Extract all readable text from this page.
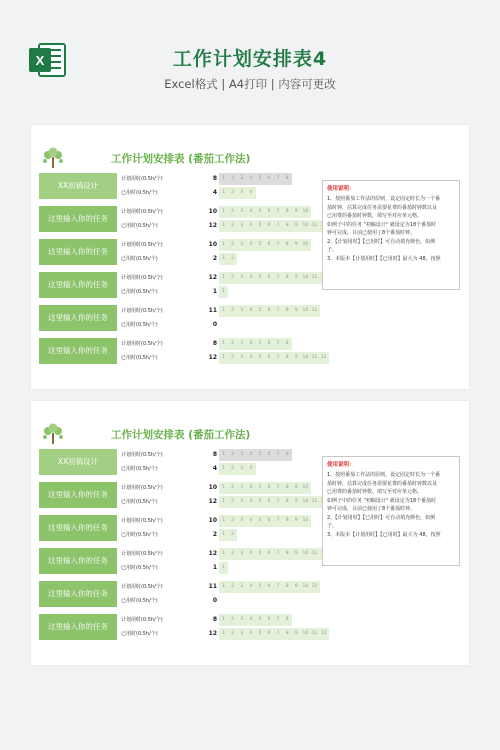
X	工作计划安排表4
Excel格式 | A4打印 | 内容可更改
工作计划安排表 (番茄工作法)
XX初稿设计
计划用时(0.5h/个)	8	1	2	3	4	5	6	7	8
已用时(0.5h/个)	4	1	2	3	4
这里输入你的任务
计划用时(0.5h/个)	10	1	2	3	4	5	6	7	8	9	10
已用时(0.5h/个)	12	1	2	3	4	5	6	7	8	9	10 11
这里输入你的任务
计划用时(0.5h/个)	10	1	2	3	4	5	6	7	8	9	10
已用时(0.5h/个)	2	1	2
这里输入你的任务
计划用时(0.5h/个)	12	1	2	3	4	5	6	7	8	9	10 11
已用时(0.5h/个)	1	1
这里输入你的任务
计划用时(0.5h/个)	11	1	2	3	4	5	6	7	8	9	10 11
已用时(0.5h/个)	0
这里输入你的任务
计划用时(0.5h/个)	8	1	2	3	4	5	6	7	8
已用时(0.5h/个)	12	1	2	3	4	5	6	7	8	9	10 11 12
使用说明：
1、按照番茄工作法的原则，设定固定时长为一个番
茄时钟，估算完成任务需要花费的番茄时钟数以及
已用费的番茄时钟数，填写至对应单元格。
如例子中的任务 "初稿设计" 就设定为18个番茄时
钟可完成，目前已使用了8个番茄时钟。
2、【计划用时】【已用时】可自动填充颜色，如例
子。
3、本版本【计划用时】【已用时】最大为 48，按照
工作计划安排表 (番茄工作法)
XX初稿设计
计划用时(0.5h/个)	8	1	2	3	4	5	6	7	8
已用时(0.5h/个)	4	1	2	3	4
这里输入你的任务
计划用时(0.5h/个)	10	1	2	3	4	5	6	7	8	9	10
已用时(0.5h/个)	12	1	2	3	4	5	6	7	8	9	10 11
这里输入你的任务
计划用时(0.5h/个)	10	1	2	3	4	5	6	7	8	9	10
已用时(0.5h/个)	2	1	2
这里输入你的任务
计划用时(0.5h/个)	12	1	2	3	4	5	6	7	8	9	10 11
已用时(0.5h/个)	1	1
这里输入你的任务
计划用时(0.5h/个)	11	1	2	3	4	5	6	7	8	9	10 11
已用时(0.5h/个)	0
这里输入你的任务
计划用时(0.5h/个)	8	1	2	3	4	5	6	7	8
已用时(0.5h/个)	12	1	2	3	4	5	6	7	8	9	10 11 12
使用说明：
1、按照番茄工作法的原则，设定固定时长为一个番
茄时钟，估算完成任务需要花费的番茄时钟数以及
已用费的番茄时钟数，填写至对应单元格。
如例子中的任务 "初稿设计" 就设定为18个番茄时
钟可完成，目前已使用了8个番茄时钟。
2、【计划用时】【已用时】可自动填充颜色，如例
子。
3、本版本【计划用时】【已用时】最大为 48，按照
